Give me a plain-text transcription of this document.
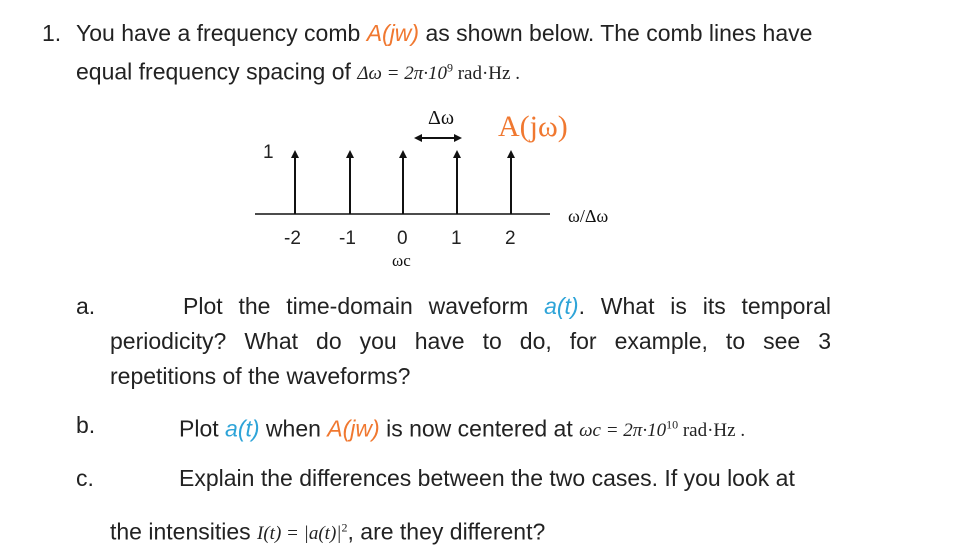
1. You have a frequency comb A(jw) as shown below. The comb lines have
equal frequency spacing of $\Delta\omega = 2\pi\cdot 10^9$ rad·Hz .
Δω A(jω)
1
ω/Δω
-2 -1 0 1 2
ωc
a.	Plot the time-domain waveform a(t). What is its temporal
periodicity? What do you have to do, for example, to see 3
repetitions of the waveforms?
b.	Plot a(t) when A(jw) is now centered at $\omega c = 2\pi\cdot 10^{10}$ rad·Hz .
c.	Explain the differences between the two cases. If you look at
the intensities $I(t) = |a(t)|^2$, are they different?
